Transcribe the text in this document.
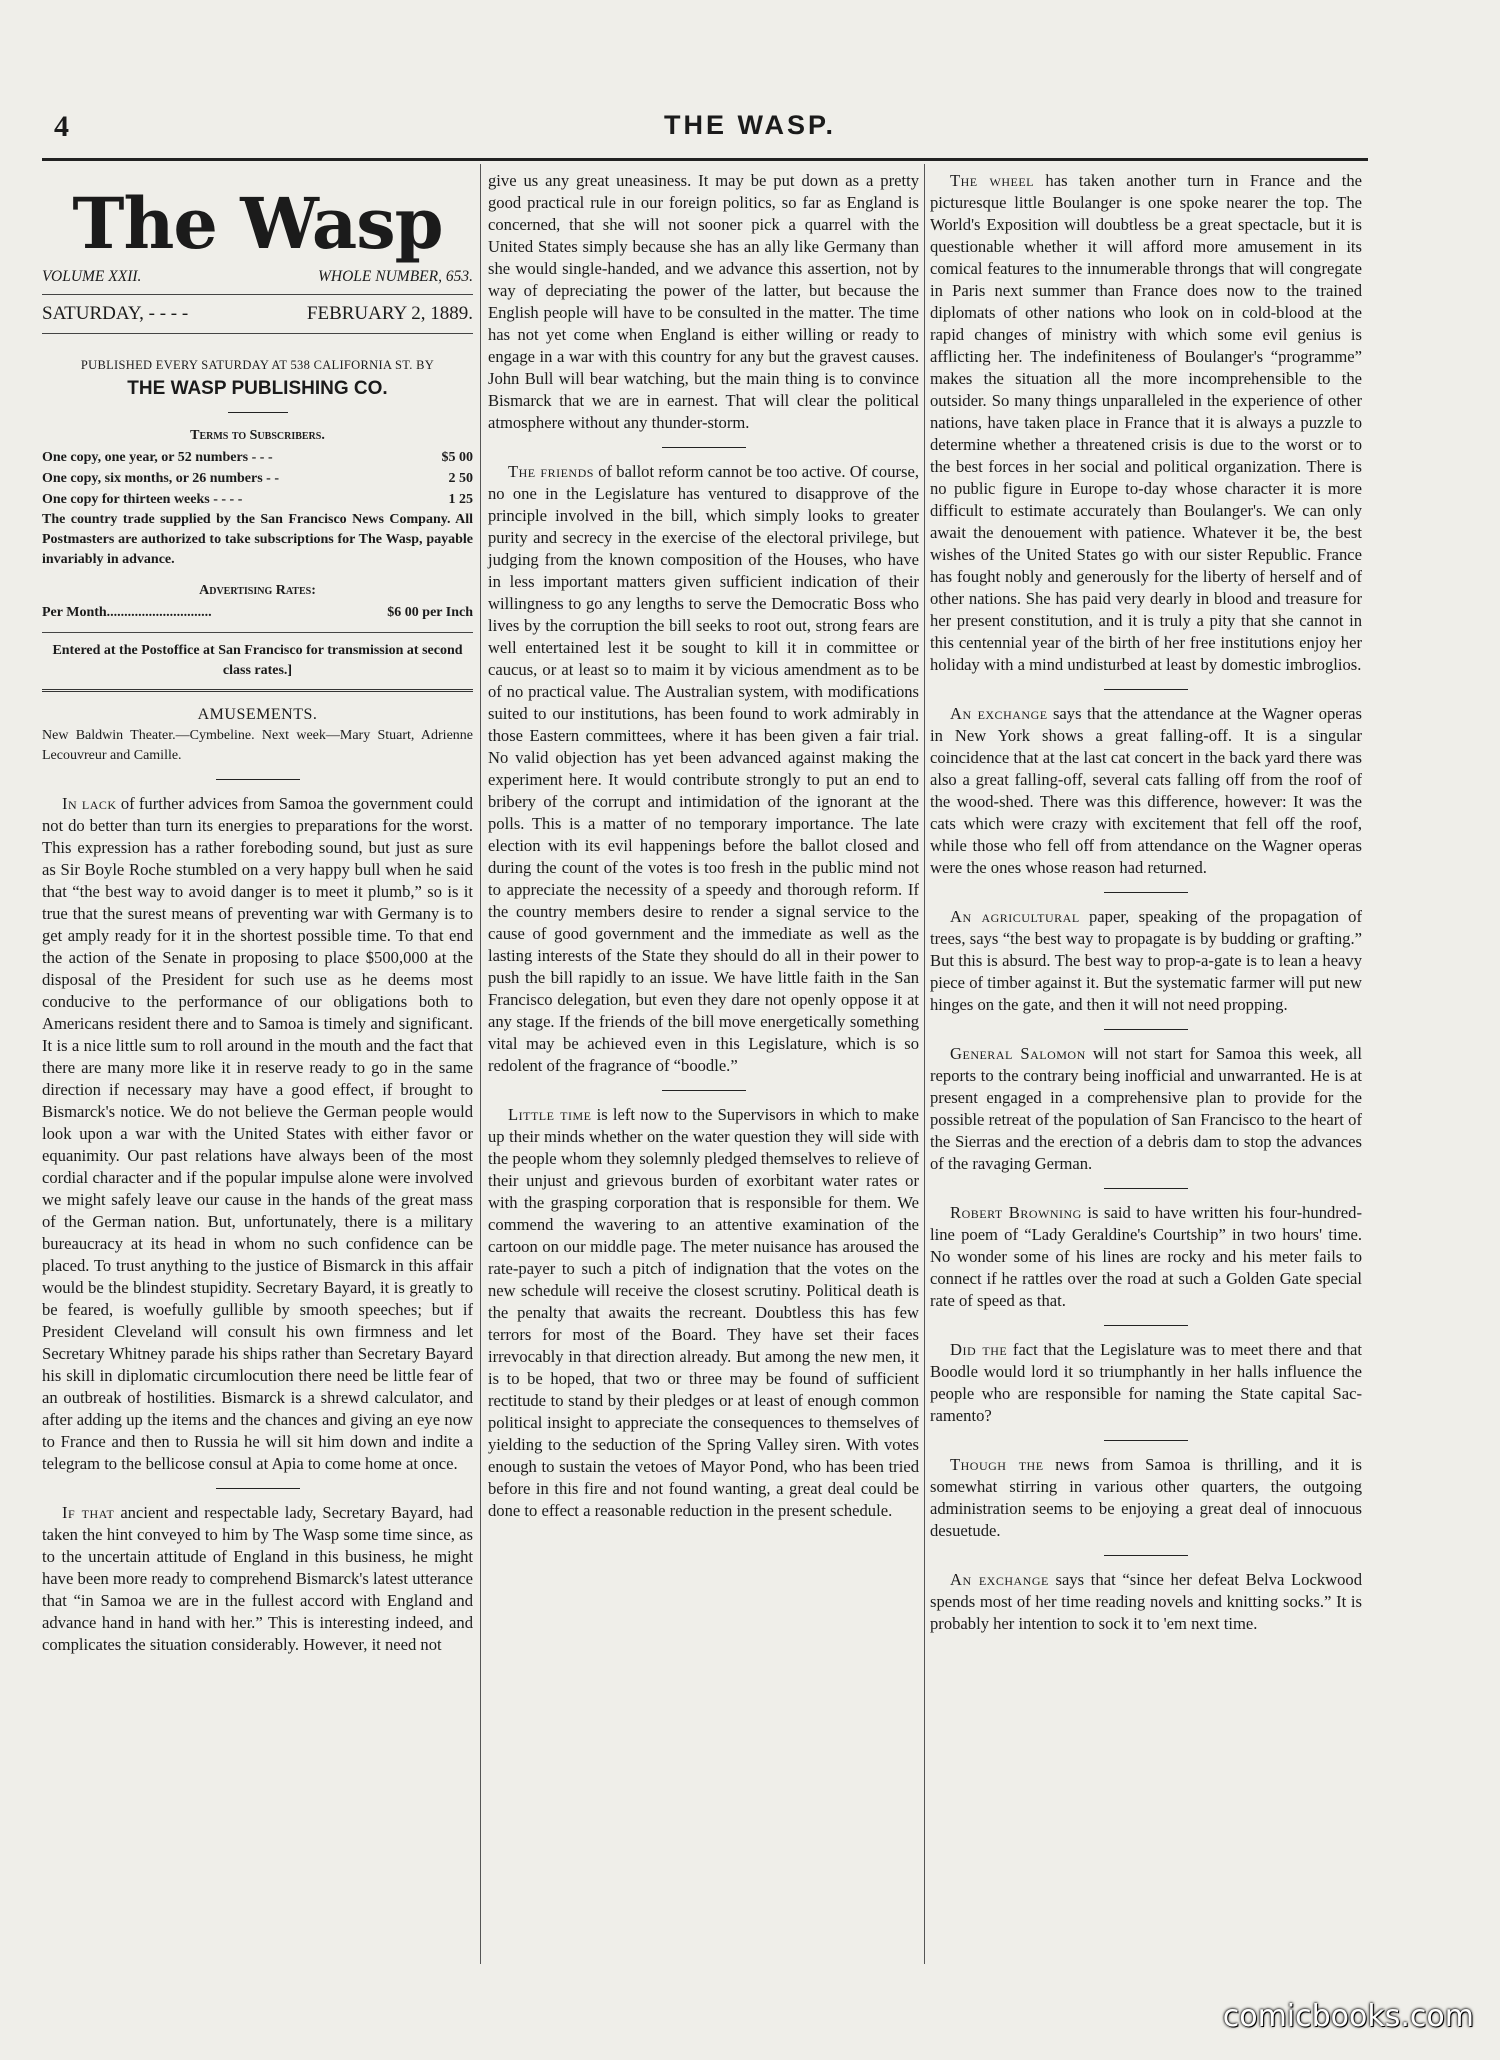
4	THE WASP.
The Wasp
VOLUME XXII.	WHOLE NUMBER, 653.
SATURDAY, - - - -	FEBRUARY 2, 1889.
PUBLISHED EVERY SATURDAY AT 538 CALIFORNIA ST. BY
THE WASP PUBLISHING CO.
Terms to Subscribers.
One copy, one year, or 52 numbers - - -	$5 00
One copy, six months, or 26 numbers - -	2 50
One copy for thirteen weeks - - - -	1 25
The country trade supplied by the San Francisco News Company. All Postmasters are authorized to take subscriptions for The Wasp, payable invariably in advance.
Advertising Rates:
Per Month..............................	$6 00 per Inch
Entered at the Postoffice at San Francisco for transmission at second class rates.]
AMUSEMENTS.
New Baldwin Theater.—Cymbeline. Next week—Mary Stuart, Adrienne Lecouvreur and Camille.

In lack of further advices from Samoa the government could not do better than turn its energies to preparations for the worst. This expression has a rather foreboding sound, but just as sure as Sir Boyle Roche stumbled on a very happy bull when he said that “the best way to avoid danger is to meet it plumb,” so is it true that the surest means of preventing war with Germany is to get amply ready for it in the shortest possible time. To that end the action of the Senate in proposing to place $500,000 at the disposal of the President for such use as he deems most conducive to the performance of our obligations both to Americans resident there and to Samoa is timely and significant. It is a nice little sum to roll around in the mouth and the fact that there are many more like it in reserve ready to go in the same direction if necessary may have a good effect, if brought to Bismarck's notice. We do not believe the German people would look upon a war with the United States with either favor or equanimity. Our past relations have always been of the most cordial character and if the popular impulse alone were involved we might safely leave our cause in the hands of the great mass of the German nation. But, unfortunately, there is a military bureaucracy at its head in whom no such confidence can be placed. To trust anything to the justice of Bismarck in this affair would be the blindest stupidity. Secretary Bayard, it is greatly to be feared, is woefully gullible by smooth speeches; but if President Cleveland will consult his own firmness and let Secretary Whitney parade his ships rather than Secretary Bayard his skill in diplomatic circumlocution there need be little fear of an outbreak of hostilities. Bismarck is a shrewd calculator, and after adding up the items and the chances and giving an eye now to France and then to Russia he will sit him down and indite a telegram to the bellicose consul at Apia to come home at once.

If that ancient and respectable lady, Secretary Bayard, had taken the hint conveyed to him by The Wasp some time since, as to the uncertain attitude of England in this business, he might have been more ready to comprehend Bismarck's latest utterance that “in Samoa we are in the fullest accord with England and advance hand in hand with her.” This is interesting indeed, and complicates the situation considerably. However, it need not

give us any great uneasiness. It may be put down as a pretty good practical rule in our foreign politics, so far as England is concerned, that she will not sooner pick a quarrel with the United States simply because she has an ally like Germany than she would single-handed, and we advance this assertion, not by way of depreciating the power of the latter, but because the English people will have to be consulted in the matter. The time has not yet come when England is either willing or ready to engage in a war with this country for any but the gravest causes. John Bull will bear watching, but the main thing is to convince Bismarck that we are in earnest. That will clear the political atmosphere without any thunder-storm.

The friends of ballot reform cannot be too active. Of course, no one in the Legislature has ventured to disapprove of the principle involved in the bill, which simply looks to greater purity and secrecy in the exercise of the electoral privilege, but judging from the known composition of the Houses, who have in less important matters given sufficient indication of their willingness to go any lengths to serve the Democratic Boss who lives by the corruption the bill seeks to root out, strong fears are well entertained lest it be sought to kill it in committee or caucus, or at least so to maim it by vicious amendment as to be of no practical value. The Australian system, with modifications suited to our institutions, has been found to work admirably in those Eastern committees, where it has been given a fair trial. No valid objection has yet been advanced against making the experiment here. It would contribute strongly to put an end to bribery of the corrupt and intimidation of the ignorant at the polls. This is a matter of no temporary importance. The late election with its evil happenings before the ballot closed and during the count of the votes is too fresh in the public mind not to appreciate the necessity of a speedy and thorough reform. If the country members desire to render a signal service to the cause of good government and the immediate as well as the lasting interests of the State they should do all in their power to push the bill rapidly to an issue. We have little faith in the San Francisco delegation, but even they dare not openly oppose it at any stage. If the friends of the bill move energetically something vital may be achieved even in this Legislature, which is so redolent of the fragrance of “boodle.”

Little time is left now to the Supervisors in which to make up their minds whether on the water question they will side with the people whom they solemnly pledged themselves to relieve of their unjust and grievous burden of exorbitant water rates or with the grasping corporation that is responsible for them. We commend the wavering to an attentive examination of the cartoon on our middle page. The meter nuisance has aroused the rate-payer to such a pitch of indignation that the votes on the new schedule will receive the closest scrutiny. Political death is the penalty that awaits the recreant. Doubtless this has few terrors for most of the Board. They have set their faces irrevocably in that direction already. But among the new men, it is to be hoped, that two or three may be found of sufficient rectitude to stand by their pledges or at least of enough common political insight to appreciate the consequences to themselves of yielding to the seduction of the Spring Valley siren. With votes enough to sustain the vetoes of Mayor Pond, who has been tried before in this fire and not found wanting, a great deal could be done to effect a reasonable reduction in the present schedule.

The wheel has taken another turn in France and the picturesque little Boulanger is one spoke nearer the top. The World's Exposition will doubtless be a great spectacle, but it is questionable whether it will afford more amusement in its comical features to the innumerable throngs that will congregate in Paris next summer than France does now to the trained diplomats of other nations who look on in cold-blood at the rapid changes of ministry with which some evil genius is afflicting her. The indefiniteness of Boulanger's “programme” makes the situation all the more incomprehensible to the outsider. So many things unparalleled in the experience of other nations, have taken place in France that it is always a puzzle to determine whether a threatened crisis is due to the worst or to the best forces in her social and political organization. There is no public figure in Europe to-day whose character it is more difficult to estimate accurately than Boulanger's. We can only await the denouement with patience. Whatever it be, the best wishes of the United States go with our sister Republic. France has fought nobly and generously for the liberty of herself and of other nations. She has paid very dearly in blood and treasure for her present constitution, and it is truly a pity that she cannot in this centennial year of the birth of her free institutions enjoy her holiday with a mind undisturbed at least by domestic imbroglios.

An exchange says that the attendance at the Wagner operas in New York shows a great falling-off. It is a singular coincidence that at the last cat concert in the back yard there was also a great falling-off, several cats falling off from the roof of the wood-shed. There was this difference, however: It was the cats which were crazy with excitement that fell off the roof, while those who fell off from attendance on the Wagner operas were the ones whose reason had returned.

An agricultural paper, speaking of the propagation of trees, says “the best way to propagate is by budding or grafting.” But this is absurd. The best way to prop-a-gate is to lean a heavy piece of timber against it. But the systematic farmer will put new hinges on the gate, and then it will not need propping.

General Salomon will not start for Samoa this week, all reports to the contrary being inofficial and unwarranted. He is at present engaged in a comprehensive plan to provide for the possible retreat of the population of San Francisco to the heart of the Sierras and the erection of a debris dam to stop the advances of the ravaging German.

Robert Browning is said to have written his four-hundred-line poem of “Lady Geraldine's Courtship” in two hours' time. No wonder some of his lines are rocky and his meter fails to connect if he rattles over the road at such a Golden Gate special rate of speed as that.

Did the fact that the Legislature was to meet there and that Boodle would lord it so triumphantly in her halls influence the people who are responsible for naming the State capital Sac-ramento?

Though the news from Samoa is thrilling, and it is somewhat stirring in various other quarters, the outgoing administration seems to be enjoying a great deal of innocuous desuetude.

An exchange says that “since her defeat Belva Lockwood spends most of her time reading novels and knitting socks.” It is probably her intention to sock it to 'em next time.

comicbooks.com
